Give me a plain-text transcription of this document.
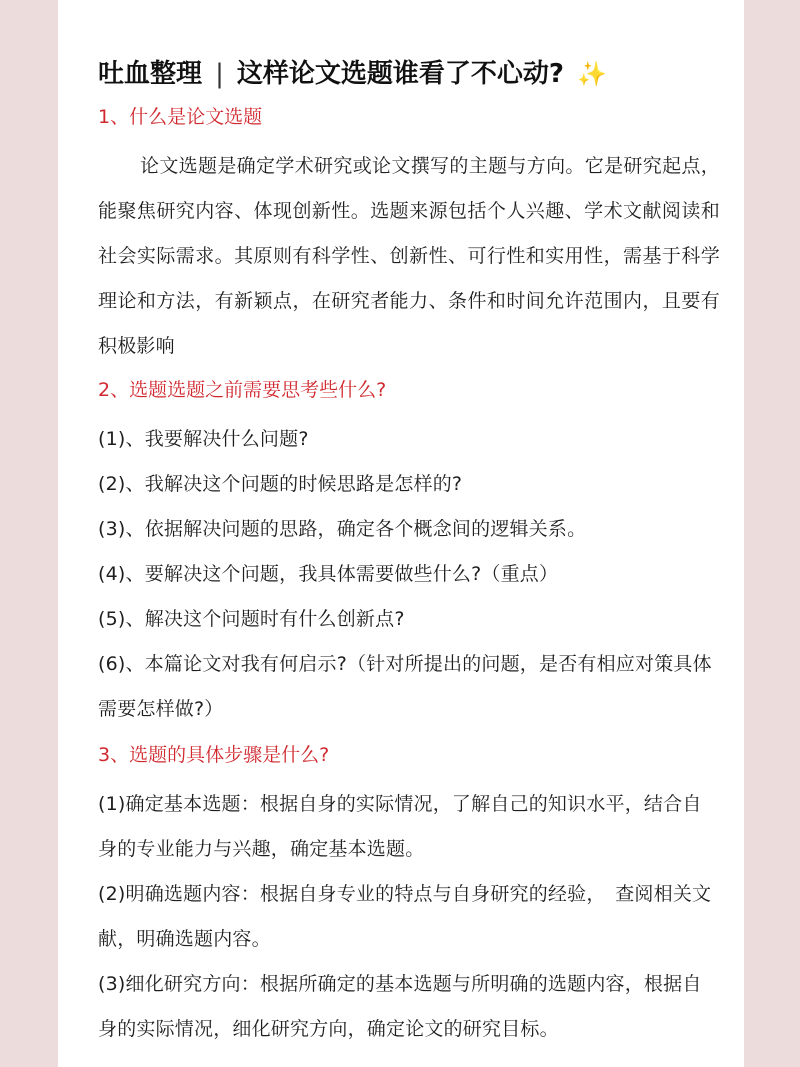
吐血整理 | 这样论文选题谁看了不心动? ✨
1、什么是论文选题

论文选题是确定学术研究或论文撰写的主题与方向。它是研究起点，能聚焦研究内容、体现创新性。选题来源包括个人兴趣、学术文献阅读和社会实际需求。其原则有科学性、创新性、可行性和实用性，需基于科学理论和方法，有新颖点，在研究者能力、条件和时间允许范围内，且要有积极影响

2、选题选题之前需要思考些什么?

(1)、我要解决什么问题?

(2)、我解决这个问题的时候思路是怎样的?

(3)、依据解决问题的思路，确定各个概念间的逻辑关系。

(4)、要解决这个问题，我具体需要做些什么?（重点）

(5)、解决这个问题时有什么创新点?

(6)、本篇论文对我有何启示?（针对所提出的问题，是否有相应对策具体需要怎样做?）

3、选题的具体步骤是什么?

(1)确定基本选题：根据自身的实际情况，了解自己的知识水平，结合自身的专业能力与兴趣，确定基本选题。

(2)明确选题内容：根据自身专业的特点与自身研究的经验，　查阅相关文献，明确选题内容。

(3)细化研究方向：根据所确定的基本选题与所明确的选题内容，根据自身的实际情况，细化研究方向，确定论文的研究目标。
